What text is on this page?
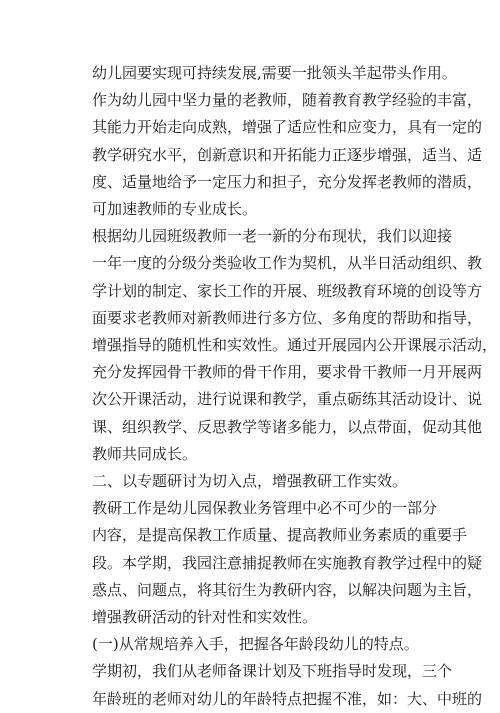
幼儿园要实现可持续发展,需要一批领头羊起带头作用。
作为幼儿园中坚力量的老教师，随着教育教学经验的丰富，
其能力开始走向成熟，增强了适应性和应变力，具有一定的
教学研究水平，创新意识和开拓能力正逐步增强，适当、适
度、适量地给予一定压力和担子，充分发挥老教师的潜质，
可加速教师的专业成长。

根据幼儿园班级教师一老一新的分布现状，我们以迎接
一年一度的分级分类验收工作为契机，从半日活动组织、教
学计划的制定、家长工作的开展、班级教育环境的创设等方
面要求老教师对新教师进行多方位、多角度的帮助和指导，
增强指导的随机性和实效性。通过开展园内公开课展示活动，
充分发挥园骨干教师的骨干作用，要求骨干教师一月开展两
次公开课活动，进行说课和教学，重点砺练其活动设计、说
课、组织教学、反思教学等诸多能力，以点带面，促动其他
教师共同成长。

二、以专题研讨为切入点，增强教研工作实效。

教研工作是幼儿园保教业务管理中必不可少的一部分
内容，是提高保教工作质量、提高教师业务素质的重要手
段。本学期，我园注意捕捉教师在实施教育教学过程中的疑
惑点、问题点，将其衍生为教研内容，以解决问题为主旨，
增强教研活动的针对性和实效性。

(一)从常规培养入手，把握各年龄段幼儿的特点。

学期初，我们从老师备课计划及下班指导时发现，三个
年龄班的老师对幼儿的年龄特点把握不准，如：大、中班的
